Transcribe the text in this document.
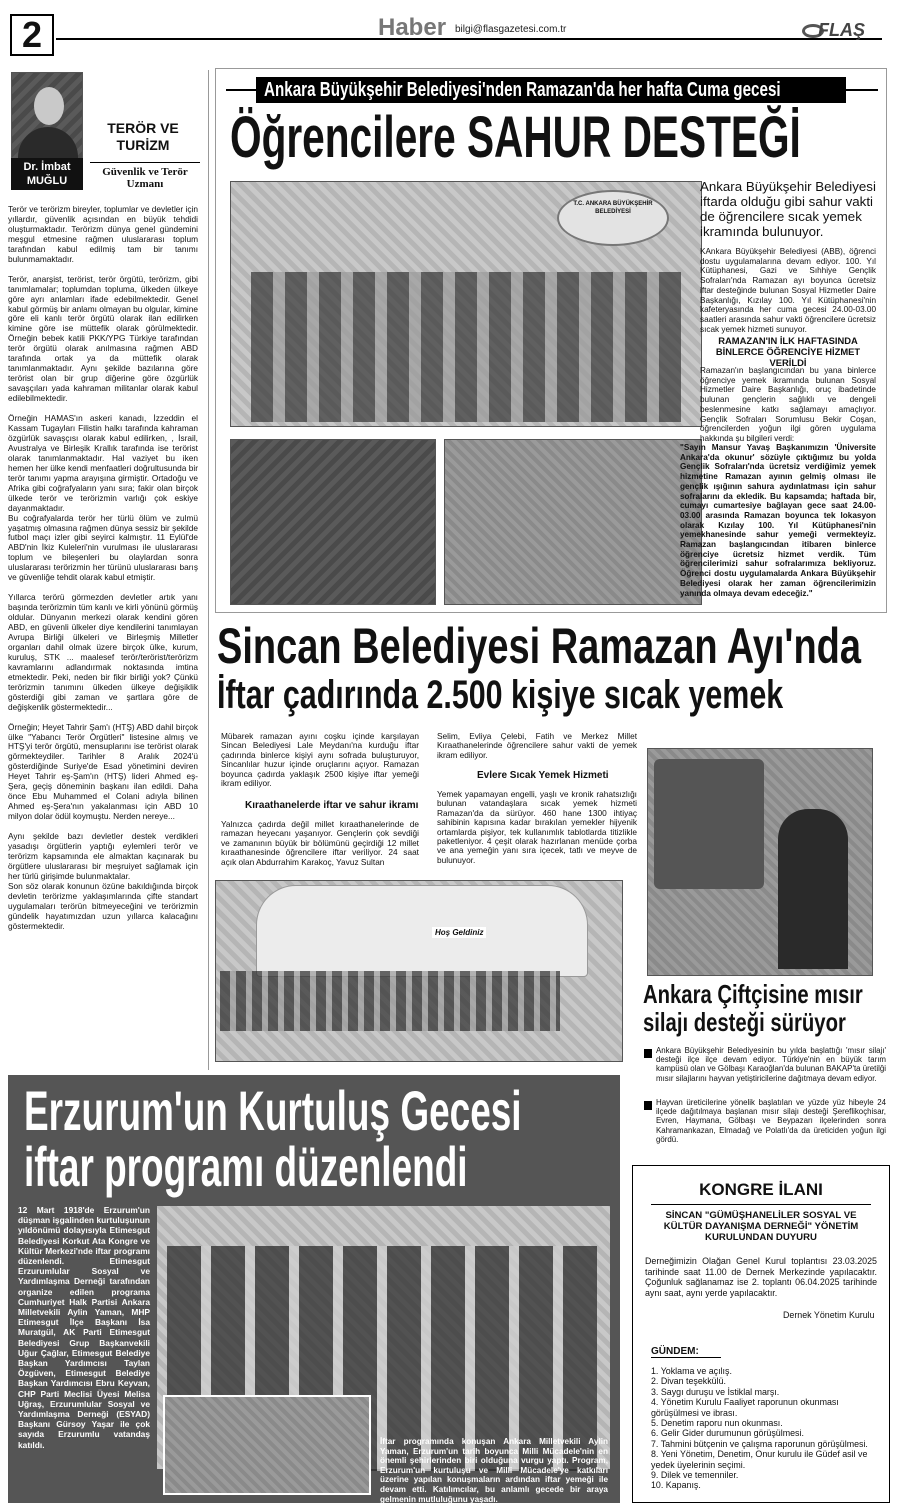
2	Haber bilgi@flasgazetesi.com.tr	FLAŞ
Dr. İmbat
MUĞLU
TERÖR VE TURİZM
Güvenlik ve Terör Uzmanı

Terör ve terörizm bireyler, toplumlar ve devletler için yıllardır, güvenlik açısından en büyük tehdidi oluşturmaktadır. Terörizm dünya genel gündemini meşgul etmesine rağmen uluslararası toplum tarafından kabul edilmiş tam bir tanımı bulunmamaktadır.

Terör, anarşist, terörist, terör örgütü, terörizm, gibi tanımlamalar; toplumdan topluma, ülkeden ülkeye göre ayrı anlamları ifade edebilmektedir. Genel kabul görmüş bir anlamı olmayan bu olgular, kimine göre eli kanlı terör örgütü olarak ilan edilirken kimine göre ise müttefik olarak görülmektedir. Örneğin bebek katili PKK/YPG Türkiye tarafından terör örgütü olarak anılmasına rağmen ABD tarafında ortak ya da müttefik olarak tanımlanmaktadır. Aynı şekilde bazılarına göre terörist olan bir grup diğerine göre özgürlük savaşçıları yada kahraman militanlar olarak kabul edilebilmektedir.

Örneğin HAMAS'ın askeri kanadı, İzzeddin el Kassam Tugayları Filistin halkı tarafında kahraman özgürlük savaşçısı olarak kabul edilirken, , İsrail, Avustralya ve Birleşik Krallık tarafında ise terörist olarak tanımlanmaktadır. Hal vaziyet bu iken hemen her ülke kendi menfaatleri doğrultusunda bir terör tanımı yapma arayışına girmiştir. Ortadoğu ve Afrika gibi coğrafyaların yanı sıra; fakir olan birçok ülkede terör ve terörizmin varlığı çok eskiye dayanmaktadır.
Bu coğrafyalarda terör her türlü ölüm ve zulmü yaşatmış olmasına rağmen dünya sessiz bir şekilde futbol maçı izler gibi seyirci kalmıştır. 11 Eylül'de ABD'nin İkiz Kuleleri'nin vurulması ile uluslararası toplum ve bileşenleri bu olaylardan sonra uluslararası terörizmin her türünü uluslararası barış ve güvenliğe tehdit olarak kabul etmiştir.

Yıllarca terörü görmezden devletler artık yanı başında terörizmin tüm kanlı ve kirli yönünü görmüş oldular. Dünyanın merkezi olarak kendini gören ABD, en güvenli ülkeler diye kendilerini tanımlayan Avrupa Birliği ülkeleri ve Birleşmiş Milletler organları dahil olmak üzere birçok ülke, kurum, kuruluş, STK ... maalesef terör/terörist/terörizm kavramlarını adlandırmak noktasında imtina etmektedir. Peki, neden bir fikir birliği yok? Çünkü terörizmin tanımını ülkeden ülkeye değişiklik gösterdiği gibi zaman ve şartlara göre de değişkenlik göstermektedir...

Örneğin; Heyet Tahrir Şam'ı (HTŞ) ABD dahil birçok ülke "Yabancı Terör Örgütleri" listesine almış ve HTŞ'yi terör örgütü, mensuplarını ise terörist olarak görmekteydiler. Tarihler 8 Aralık 2024'ü gösterdiğinde Suriye'de Esad yönetimini deviren Heyet Tahrir eş-Şam'ın (HTŞ) lideri Ahmed eş-Şera, geçiş döneminin başkanı ilan edildi. Daha önce Ebu Muhammed el Colani adıyla bilinen Ahmed eş-Şera'nın yakalanması için ABD 10 milyon dolar ödül koymuştu. Nerden nereye...

Aynı şekilde bazı devletler destek verdikleri yasadışı örgütlerin yaptığı eylemleri terör ve terörizm kapsamında ele almaktan kaçınarak bu örgütlere uluslararası bir meşruiyet sağlamak için her türlü girişimde bulunmaktalar.
Son söz olarak konunun özüne bakıldığında birçok devletin terörizme yaklaşımlarında çifte standart uygulamaları terörün bitmeyeceğini ve terörizmin gündelik hayatımızdan uzun yıllarca kalacağını göstermektedir.

Ankara Büyükşehir Belediyesi'nden Ramazan'da her hafta Cuma gecesi
Öğrencilere SAHUR DESTEĞİ
T.C. ANKARA BÜYÜKŞEHİR BELEDİYESİ
Ankara Büyükşehir Belediyesi iftarda olduğu gibi sahur vakti de öğrencilere sıcak yemek ikramında bulunuyor.

KAnkara Büyükşehir Belediyesi (ABB), öğrenci dostu uygulamalarına devam ediyor. 100. Yıl Kütüphanesi, Gazi ve Sıhhiye Gençlik Sofraları'nda Ramazan ayı boyunca ücretsiz iftar desteğinde bulunan Sosyal Hizmetler Daire Başkanlığı, Kızılay 100. Yıl Kütüphanesi'nin kafeteryasında her cuma gecesi 24.00-03.00 saatleri arasında sahur vakti öğrencilere ücretsiz sıcak yemek hizmeti sunuyor.

RAMAZAN'IN İLK HAFTASINDA BİNLERCE ÖĞRENCİYE HİZMET VERİLDİ

Ramazan'ın başlangıcından bu yana binlerce öğrenciye yemek ikramında bulunan Sosyal Hizmetler Daire Başkanlığı, oruç ibadetinde bulunan gençlerin sağlıklı ve dengeli beslenmesine katkı sağlamayı amaçlıyor. Gençlik Sofraları Sorumlusu Bekir Coşan, öğrencilerden yoğun ilgi gören uygulama hakkında şu bilgileri verdi:

"Sayın Mansur Yavaş Başkanımızın 'Üniversite Ankara'da okunur' sözüyle çıktığımız bu yolda Gençlik Sofraları'nda ücretsiz verdiğimiz yemek hizmetine Ramazan ayının gelmiş olması ile gençlik ışığının sahura aydınlatması için sahur sofralarını da ekledik. Bu kapsamda; haftada bir, cumayı cumartesiye bağlayan gece saat 24.00-03.00 arasında Ramazan boyunca tek lokasyon olarak Kızılay 100. Yıl Kütüphanesi'nin yemekhanesinde sahur yemeği vermekteyiz. Ramazan başlangıcından itibaren binlerce öğrenciye ücretsiz hizmet verdik. Tüm öğrencilerimizi sahur sofralarımıza bekliyoruz. Öğrenci dostu uygulamalarda Ankara Büyükşehir Belediyesi olarak her zaman öğrencilerimizin yanında olmaya devam edeceğiz."

Sincan Belediyesi Ramazan Ayı'nda
İftar çadırında 2.500 kişiye sıcak yemek

Mübarek ramazan ayını coşku içinde karşılayan Sincan Belediyesi Lale Meydanı'na kurduğu iftar çadırında binlerce kişiyi aynı sofrada buluşturuyor, Sincanlılar huzur içinde oruçlarını açıyor. Ramazan boyunca çadırda yaklaşık 2500 kişiye iftar yemeği ikram ediliyor.

Kıraathanelerde iftar ve sahur ikramı

Yalnızca çadırda değil millet kıraathanelerinde de ramazan heyecanı yaşanıyor. Gençlerin çok sevdiği ve zamanının büyük bir bölümünü geçirdiği 12 millet kıraathanesinde öğrencilere iftar veriliyor. 24 saat açık olan Abdurrahim Karakoç, Yavuz Sultan

Selim, Evliya Çelebi, Fatih ve Merkez Millet Kıraathanelerinde öğrencilere sahur vakti de yemek ikram ediliyor.

Evlere Sıcak Yemek Hizmeti

Yemek yapamayan engelli, yaşlı ve kronik rahatsızlığı bulunan vatandaşlara sıcak yemek hizmeti Ramazan'da da sürüyor. 460 hane 1300 ihtiyaç sahibinin kapısına kadar bırakılan yemekler hijyenik ortamlarda pişiyor, tek kullanımlık tablotlarda titizlikle paketleniyor. 4 çeşit olarak hazırlanan menüde çorba ve ana yemeğin yanı sıra içecek, tatlı ve meyve de bulunuyor.

Hoş Geldiniz
Ankara Çiftçisine mısır
silajı desteği sürüyor

Ankara Büyükşehir Belediyesinin bu yılda başlattığı 'mısır silajı' desteği ilçe ilçe devam ediyor. Türkiye'nin en büyük tarım kampüsü olan ve Gölbaşı Karaoğlan'da bulunan BAKAP'ta üretilği mısır silajlarını hayvan yetiştiricilerine dağıtmaya devam ediyor.

Hayvan üreticilerine yönelik başlatılan ve yüzde yüz hibeyle 24 ilçede dağıtılmaya başlanan mısır silajı desteği Şereflikoçhisar, Evren, Haymana, Gölbaşı ve Beypazarı ilçelerinden sonra Kahramankazan, Elmadağ ve Polatlı'da da üreticiden yoğun ilgi gördü.

Erzurum'un Kurtuluş Gecesi
iftar programı düzenlendi

12 Mart 1918'de Erzurum'un düşman işgalinden kurtuluşunun yıldönümü dolayısıyla Etimesgut Belediyesi Korkut Ata Kongre ve Kültür Merkezi'nde iftar programı düzenlendi. Etimesgut Erzurumlular Sosyal ve Yardımlaşma Derneği tarafından organize edilen programa Cumhuriyet Halk Partisi Ankara Milletvekili Aylin Yaman, MHP Etimesgut İlçe Başkanı İsa Muratgül, AK Parti Etimesgut Belediyesi Grup Başkanvekili Uğur Çağlar, Etimesgut Belediye Başkan Yardımcısı Taylan Özgüven, Etimesgut Belediye Başkan Yardımcısı Ebru Keyvan, CHP Parti Meclisi Üyesi Melisa Uğraş, Erzurumlular Sosyal ve Yardımlaşma Derneği (ESYAD) Başkanı Gürsoy Yaşar ile çok sayıda Erzurumlu vatandaş katıldı.	İftar programında konuşan Ankara Milletvekili Aylin Yaman, Erzurum'un tarih boyunca Milli Mücadele'nin en önemli şehirlerinden biri olduğuna vurgu yaptı. Program, Erzurum'un kurtuluşu ve Milli Mücadele'ye katkıları üzerine yapılan konuşmaların ardından iftar yemeği ile devam etti. Katılımcılar, bu anlamlı gecede bir araya gelmenin mutluluğunu yaşadı.

KONGRE İLANI
SİNCAN "GÜMÜŞHANELİLER SOSYAL VE KÜLTÜR DAYANIŞMA DERNEĞİ" YÖNETİM KURULUNDAN DUYURU

Derneğimizin Olağan Genel Kurul toplantısı 23.03.2025 tarihinde saat 11.00 de Dernek Merkezinde yapılacaktır. Çoğunluk sağlanamaz ise 2. toplantı 06.04.2025 tarihinde aynı saat, aynı yerde yapılacaktır.

Dernek Yönetim Kurulu
GÜNDEM:
1. Yoklama ve açılış.
2. Divan teşekkülü.
3. Saygı duruşu ve İstiklal marşı.
4. Yönetim Kurulu Faaliyet raporunun okunması görüşülmesi ve ibrası.
5. Denetim raporu nun okunması.
6. Gelir Gider durumunun görüşülmesi.
7. Tahmini bütçenin ve çalışma raporunun görüşülmesi.
8. Yeni Yönetim, Denetim, Onur kurulu ile Güdef asil ve yedek üyelerinin seçimi.
9. Dilek ve temenniler.
10. Kapanış.
